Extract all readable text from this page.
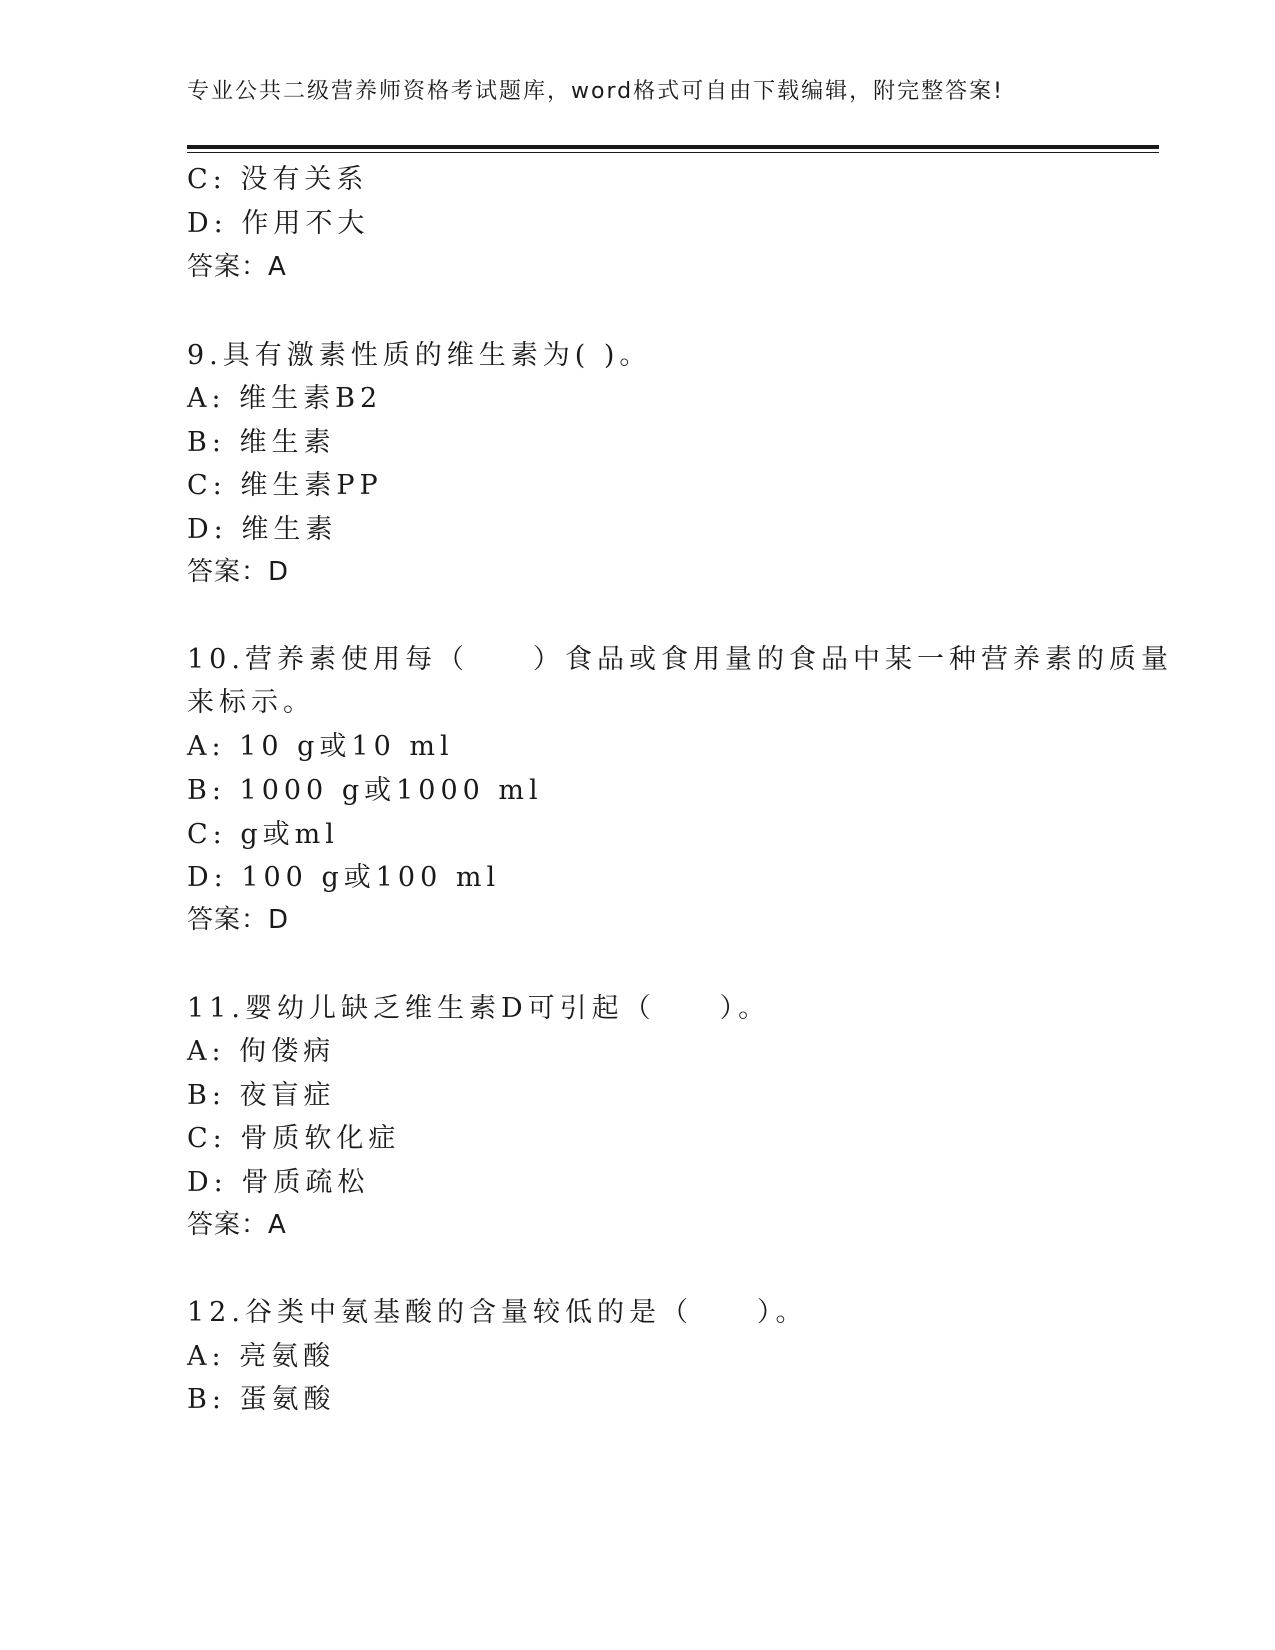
专业公共二级营养师资格考试题库，word格式可自由下载编辑，附完整答案!
C: 没有关系
D: 作用不大
答案：A
9.具有激素性质的维生素为( )。
A: 维生素B2
B: 维生素
C: 维生素PP
D: 维生素
答案：D
10.营养素使用每（　　）食品或食用量的食品中某一种营养素的质量
来标示。
A: 10 g或10 ml
B: 1000 g或1000 ml
C: g或ml
D: 100 g或100 ml
答案：D
11.婴幼儿缺乏维生素D可引起（　　）。
A: 佝偻病
B: 夜盲症
C: 骨质软化症
D: 骨质疏松
答案：A
12.谷类中氨基酸的含量较低的是（　　）。
A: 亮氨酸
B: 蛋氨酸
